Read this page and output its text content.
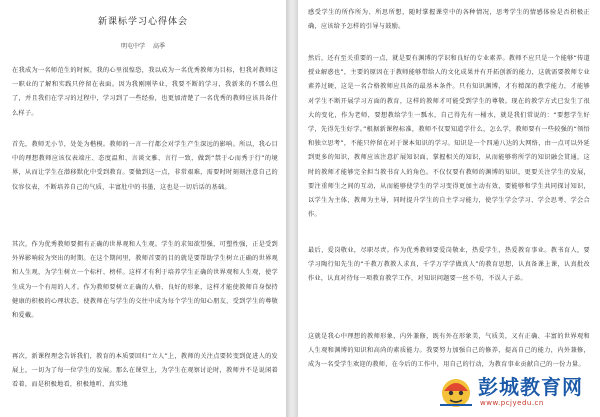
新课标学习心得体会
明屯中学 高季

在我成为一名师范生的时候，我的心里很惶恐，我以成为一名优秀教师为目标，但我对教师这一职业的了解和实践只停留在表面。因为我刚刚毕业，我要不断的学习，我新来的不那么但了，并且我们在学习的过程中，学习到了一些经验，也更加清楚了一名优秀的教师应该具备什么样子。

首先，教师无小节，处处为楷模。教师的一言一行都会对学生产生深远的影响。所以，我心目中的理想教师应该仪表端庄、态度温和、言谈文雅、言行一致、做到“禁于心而秀于行”的境界，从而让学生在潜移默化中受到教育。要做到这一点，非常艰难，需要时时刻刻注意自己的仪容仪表，不断培养自己的气质，丰富肚中的书墨，这也是一切后话的基础。

其次，作为优秀教师要拥有正确的世界观和人生观。学生的求知欲望强，可塑性强，正是受到外界影响较为突出的时期。在这个期间里，教师首要的目的就是要帮助学生树立正确的世界观和人生观，为学生树立一个标杆、榜样。这样才有利于培养学生正确的世界观和人生观，使学生成为一个有用的人才。作为教师要树立正确的人格、良好的形象，这样才能使教师自身保持健康的积极的心理状态，使教师在与学生的交往中成为每个学生的知心朋友，受到学生的尊敬和爱戴。

再次，新课程理念告诉我们，教育的本质要回归“立人”上，教师的关注点要转变到促进人的发展上，一切为了每一位学生的发展。那么在课堂上，为学生在观察讨论时，教师并不是说闲着看着，而是积极地看，积极地听，真实地

感受学生的所作所为、所思所想，随时掌握课堂中的各种情况，思考学生的情感体验是否积极正确，应该给予怎样的引导与鼓励。

然后，还有至关重要的一点，就是要有渊博的学识和良好的专业素养。教师不应只是一个能够“传道授业解惑也”，主要的原因在于教师能够带给人的文化成果并有开拓创新的能力，这就需要教师专业素养过硬，这是一名合格教师应具备的最基本条件。只有知识渊博，才有精深的教学能力，才能够对学生不断开展学习方面的教育，这样的教师才可能受到学生的尊敬。现在的教学方式已发生了很大的变化，作为老师，要想教给学生一瓢水，自己得先有一桶水，就是我们常说的：“要想学生好学，先得先生好学。”根据新课程标准，教师不仅要知道学什么，怎么学，教师要有一些较强的“领悟和独立思考”，不能只停留在对于课本知识的学习。知识是一个四通八达的大网络，由一点可以外延到更多的知识，教师应该注意扩展知识面，掌握相关的知识，从而能够将所学的知识融会贯通，这时的教师才能够完全担当教书育人的角色。不仅仅要有教师的渊博的知识，更要关注学生的发展，要注重师生之间的互动，从而能够使学生的学习变得更加主动有效，要能够和学生共同探讨知识，以学生为主体，教师为主导，同时提升学生的自主学习能力，使学生学会学习、学会思考、学会合作。

最后，爱岗敬业，尽职尽责。作为优秀教师要爱岗敬业，热爱学生，热爱教育事业。教书育人，要学习陶行知先生的“千教万教教人求真，千学万学学做真人”的教育思想，认真备课上课，认真批改作业，认真对待每一项教育教学工作，对知识问题要一丝不苟，不误人子弟。

这就是我心中理想的教师形象，内外兼修，既有外在形象美，气质美，又有正确、丰富的世界观和人生观和渊博的知识和高尚的素质能力。我要努力加强自己的修养，提高自己的能力，内外兼修，成为一名受学生欢迎的教师，在今后的工作中，用自己的行动，为教育事业贡献自己的一份力量。

彭城教育网
www.pcjyedu.cn
